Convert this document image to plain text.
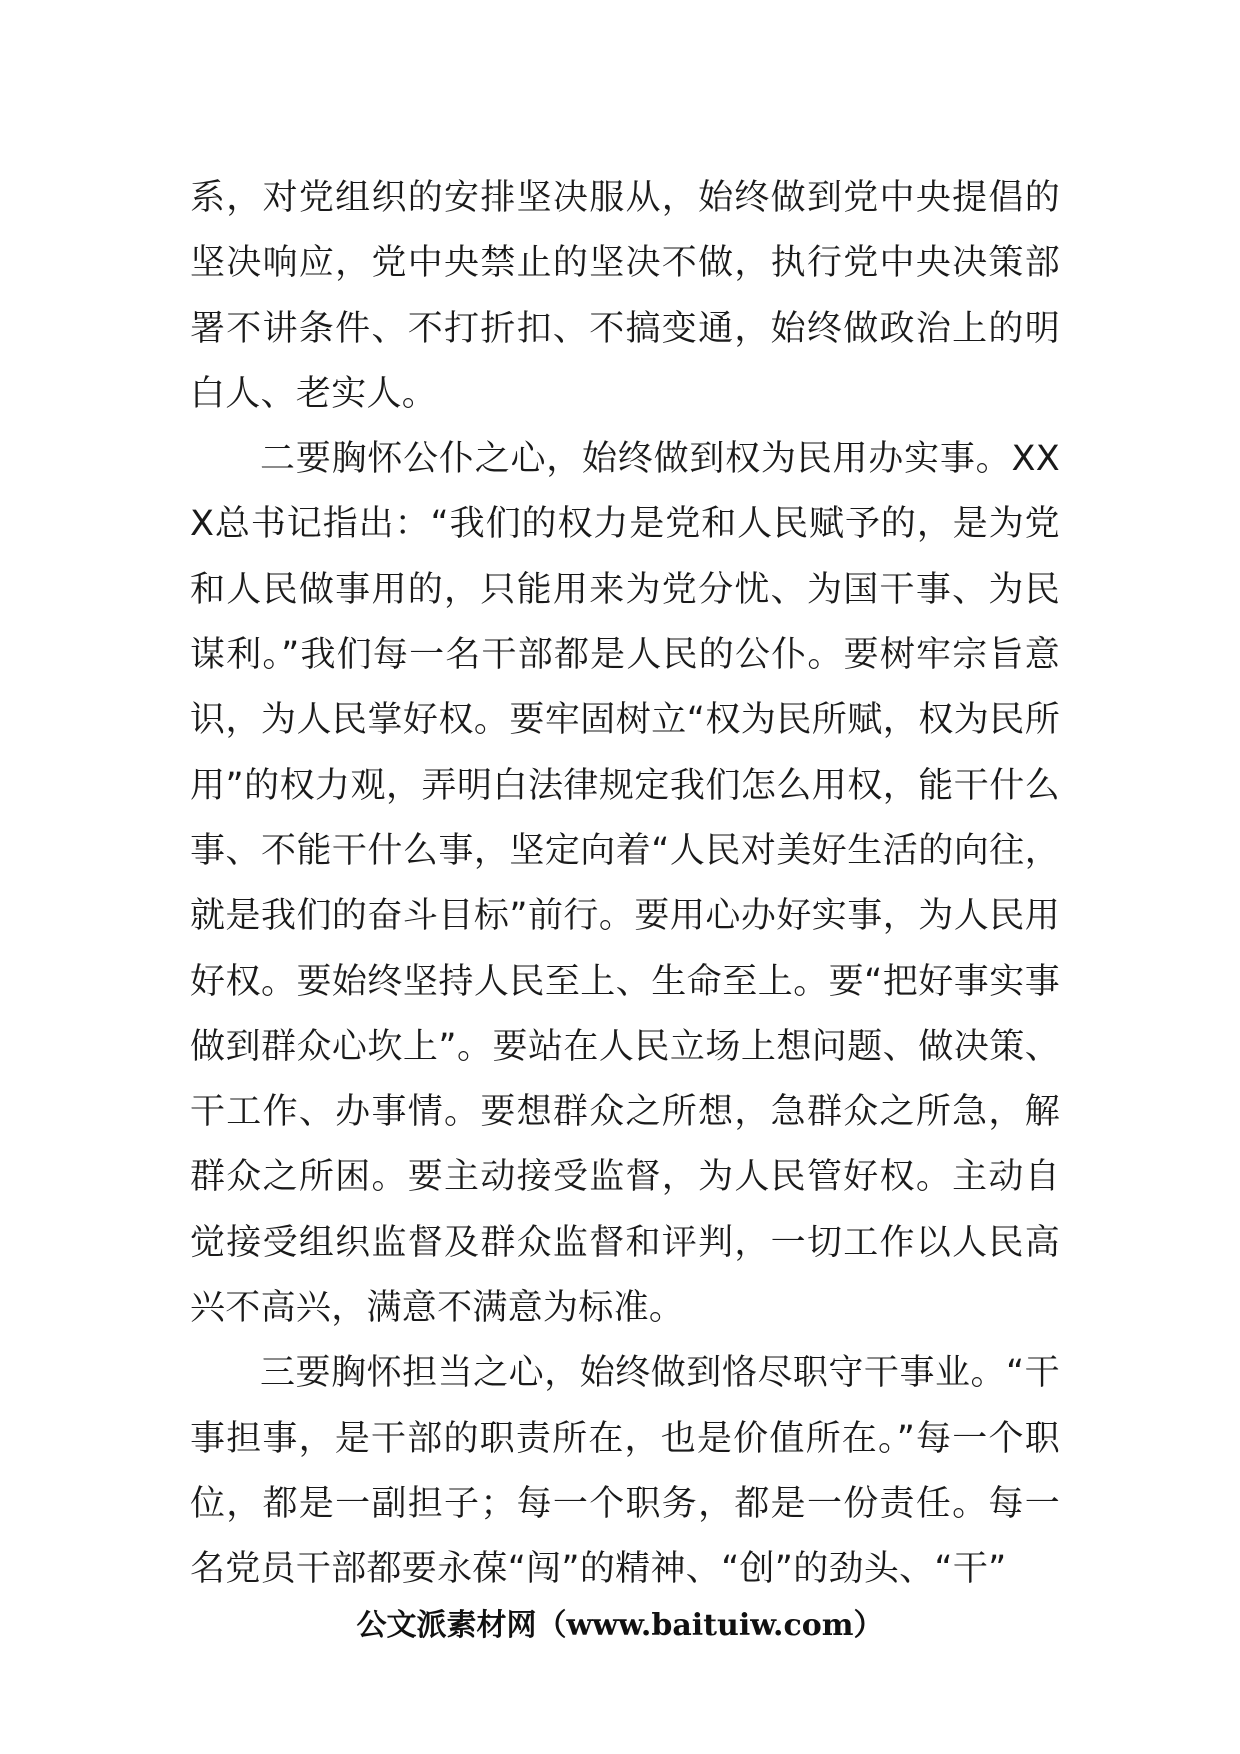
系，对党组织的安排坚决服从，始终做到党中央提倡的坚决响应，党中央禁止的坚决不做，执行党中央决策部署不讲条件、不打折扣、不搞变通，始终做政治上的明白人、老实人。

二要胸怀公仆之心，始终做到权为民用办实事。XXX总书记指出：“我们的权力是党和人民赋予的，是为党和人民做事用的，只能用来为党分忧、为国干事、为民谋利。”我们每一名干部都是人民的公仆。要树牢宗旨意识，为人民掌好权。要牢固树立“权为民所赋，权为民所用”的权力观，弄明白法律规定我们怎么用权，能干什么事、不能干什么事，坚定向着“人民对美好生活的向往，就是我们的奋斗目标”前行。要用心办好实事，为人民用好权。要始终坚持人民至上、生命至上。要“把好事实事做到群众心坎上”。要站在人民立场上想问题、做决策、干工作、办事情。要想群众之所想，急群众之所急，解群众之所困。要主动接受监督，为人民管好权。主动自觉接受组织监督及群众监督和评判，一切工作以人民高兴不高兴，满意不满意为标准。

三要胸怀担当之心，始终做到恪尽职守干事业。“干事担事，是干部的职责所在，也是价值所在。”每一个职位，都是一副担子；每一个职务，都是一份责任。每一名党员干部都要永葆“闯”的精神、“创”的劲头、“干”

公文派素材网（www.baituiw.com）
